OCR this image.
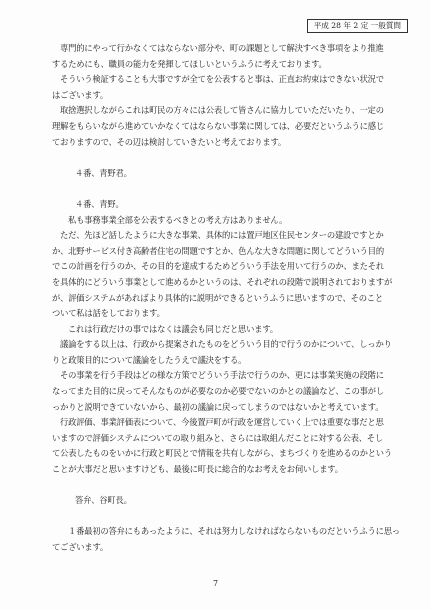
平成 28 年 2 定 一般質問
専門的にやって行かなくてはならない部分や、町の課題として解決すべき事項をより推進
するためにも、職員の能力を発揮してほしいというふうに考えております。
そういう検証することも大事ですが全てを公表すると事は、正直お約束はできない状況で
はございます。
取捨選択しながらこれは町民の方々には公表して皆さんに協力していただいたり、一定の
理解をもらいながら進めていかなくてはならない事業に関しては、必要だというふうに感じ
ておりますので、その辺は検討していきたいと考えております。
４番、青野君。
４番、青野。
私も事務事業全部を公表するべきとの考え方はありません。
ただ、先ほど話したように大きな事業、具体的には置戸地区住民センターの建設ですとか
か、北野サービス付き高齢者住宅の問題ですとか、色んな大きな問題に関してどういう目的
でこの計画を行うのか、その目的を達成するためどういう手法を用いて行うのか、またそれ
を具体的にどういう事業として進めるかというのは、それぞれの段階で説明されておりますが
が、評価システムがあればより具体的に説明ができるというふうに思いますので、そのこと
ついて私は話をしております。
これは行政だけの事ではなくは議会も同じだと思います。
議論をする以上は、行政から提案されたものをどういう目的で行うのかについて、しっかり
りと政策目的について議論をしたうえで議決をする。
その事業を行う手段はどの様な方策でどういう手法で行うのか、更には事業実施の段階に
なってまた目的に戻ってそんなものが必要なのか必要でないのかとの議論など、この事がし
っかりと説明できていないから、最初の議論に戻ってしまうのではないかと考えています。
行政評価、事業評価表について、今後置戸町が行政を運営していく上では重要な事だと思
いますので評価システムについての取り組みと、さらには取組んだことに対する公表、そし
て公表したものをいかに行政と町民とで情報を共有しながら、まちづくりを進めるのかという
ことが大事だと思いますけども、最後に町長に総合的なお考えをお伺いします。
答弁、谷町長。
１番最初の答弁にもあったように、それは努力しなければならないものだというふうに思っ
てございます。
7
